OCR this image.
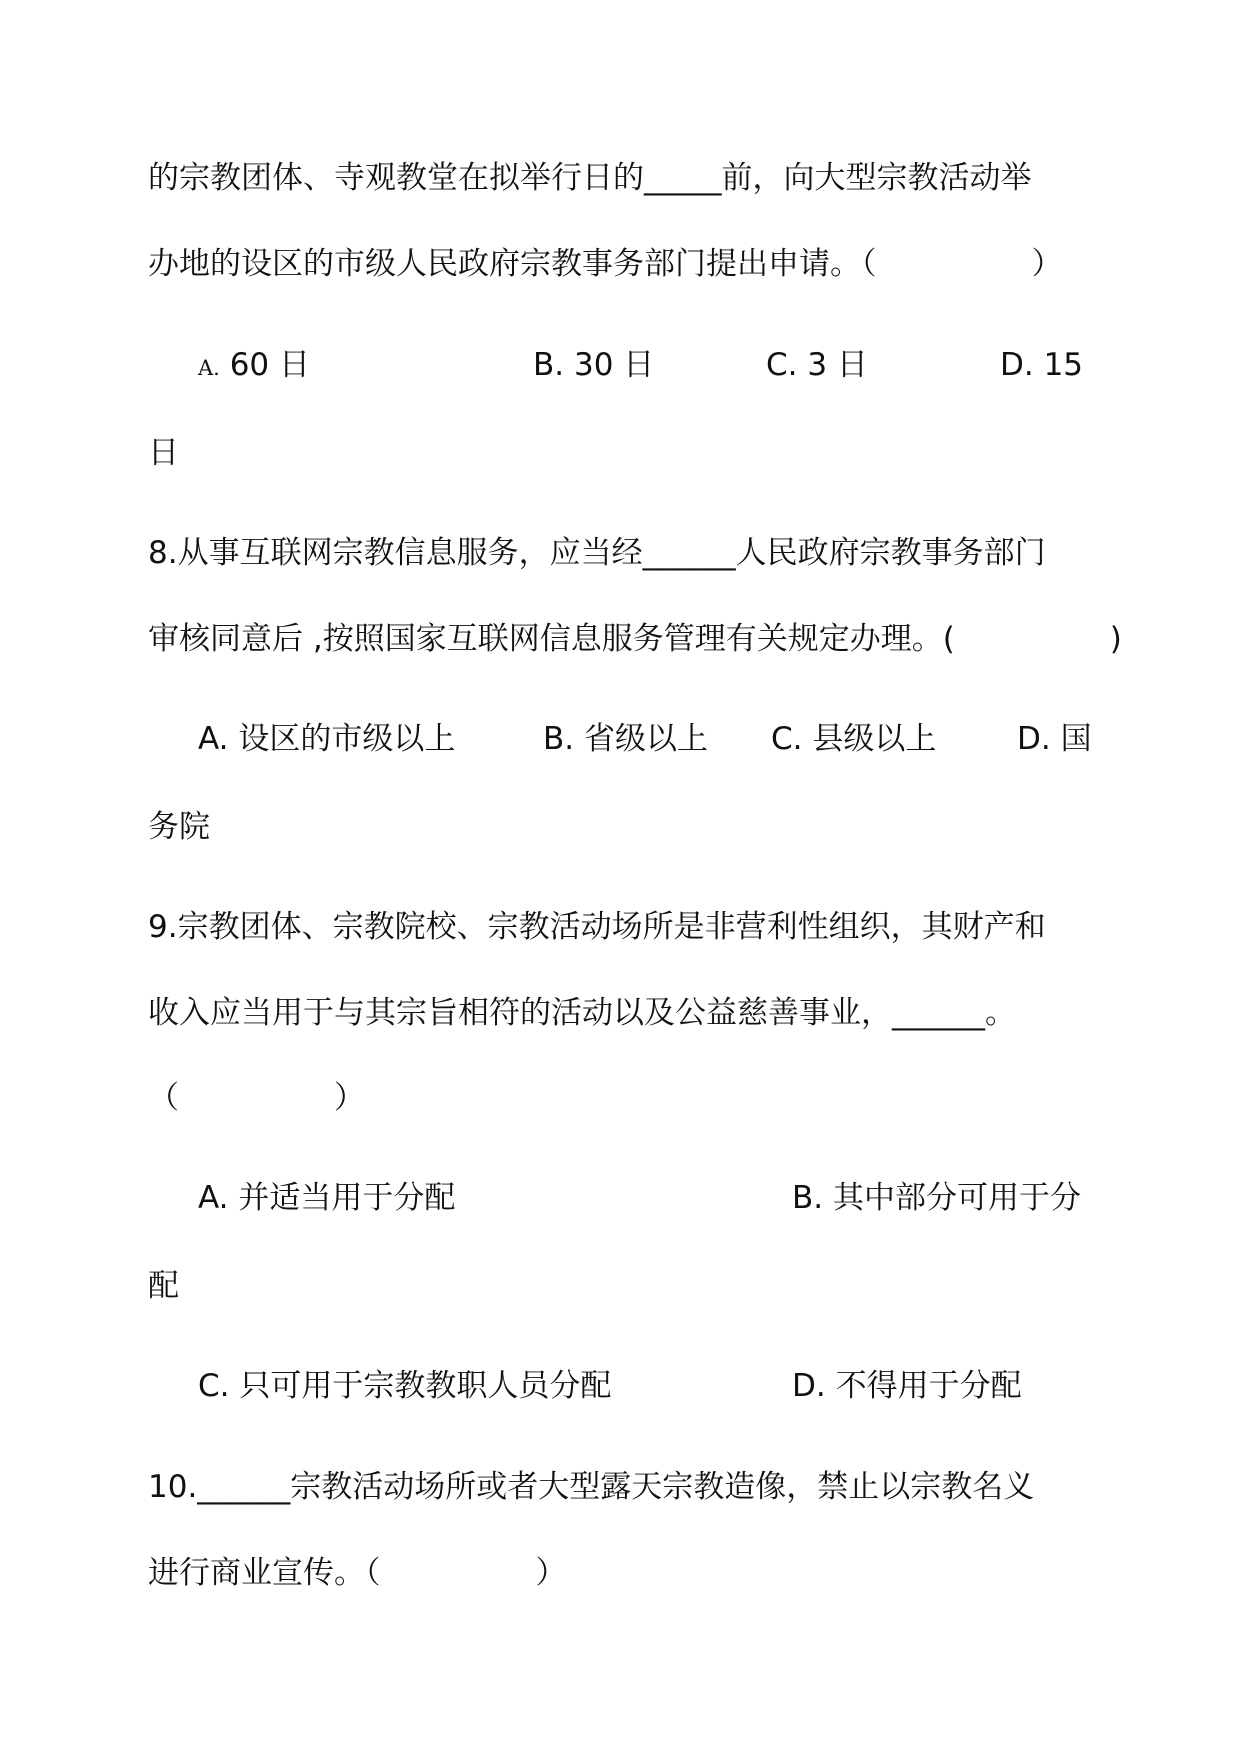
的宗教团体、寺观教堂在拟举行日的_____前，向大型宗教活动举
办地的设区的市级人民政府宗教事务部门提出申请。（　　　　　）
A. 60 日	B. 30 日	C. 3 日	D. 15
日
8.从事互联网宗教信息服务，应当经______人民政府宗教事务部门
审核同意后 ,按照国家互联网信息服务管理有关规定办理。(　　　　　)
A. 设区的市级以上	B. 省级以上 C. 县级以上	D. 国
务院
9.宗教团体、宗教院校、宗教活动场所是非营利性组织，其财产和
收入应当用于与其宗旨相符的活动以及公益慈善事业，______。
（　　　　　）
A. 并适当用于分配	B. 其中部分可用于分
配
C. 只可用于宗教教职人员分配	D. 不得用于分配
10.______宗教活动场所或者大型露天宗教造像，禁止以宗教名义
进行商业宣传。（　　　　　）
